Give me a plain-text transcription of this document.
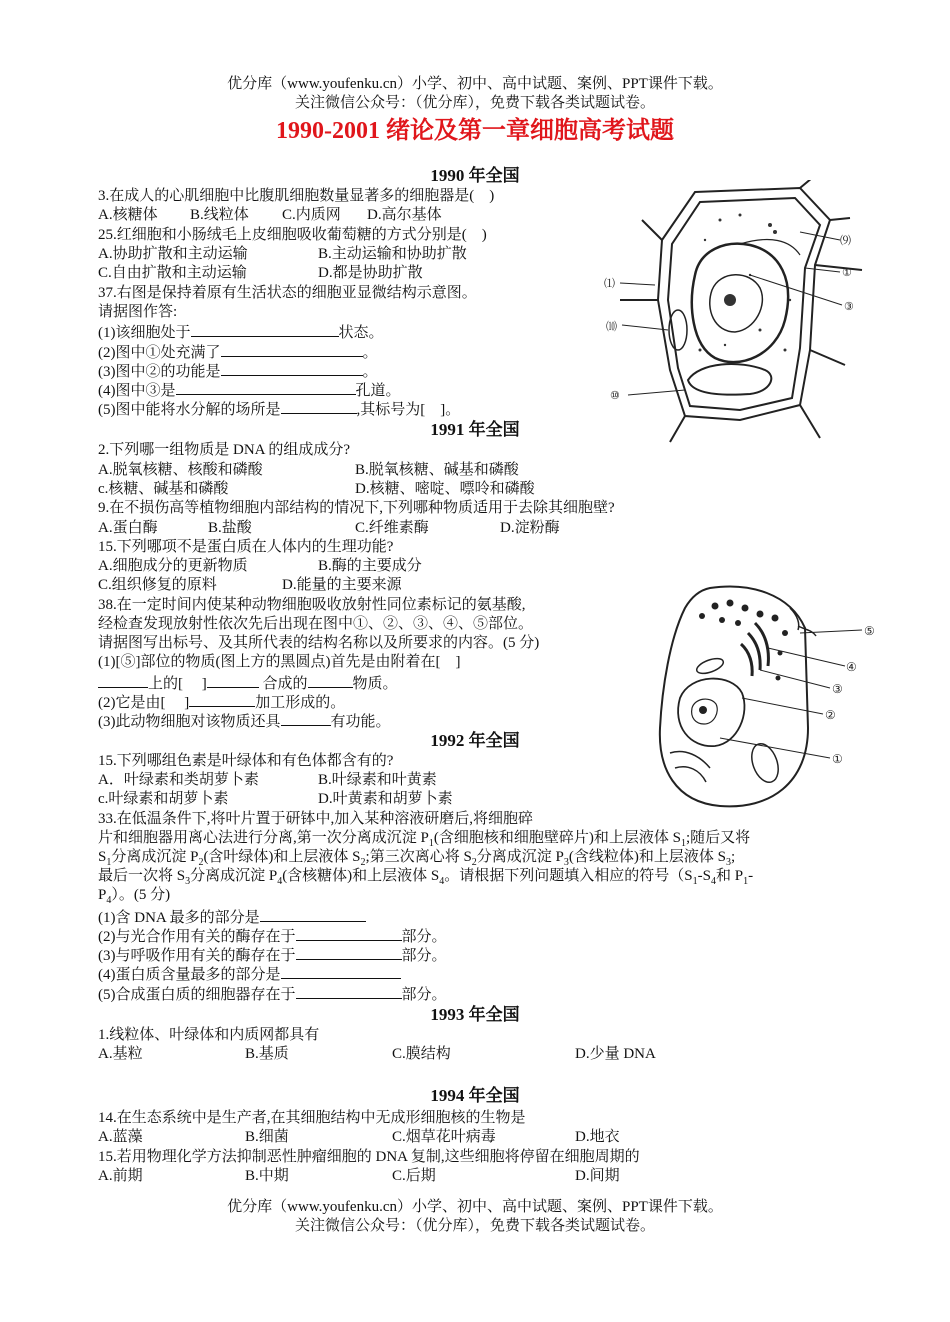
优分库（www.youfenku.cn）小学、初中、高中试题、案例、PPT课件下载。
关注微信公众号：（优分库），免费下载各类试题试卷。
1990-2001 绪论及第一章细胞高考试题
1990 年全国
3.在成人的心肌细胞中比腹肌细胞数量显著多的细胞器是(　)
A.核糖体 B.线粒体 C.内质网 D.高尔基体
25.红细胞和小肠绒毛上皮细胞吸收葡萄糖的方式分别是(　)
A.协助扩散和主动运输	B.主动运输和协助扩散
C.自由扩散和主动运输	D.都是协助扩散
37.右图是保持着原有生活状态的细胞亚显微结构示意图。
请据图作答:
(1)该细胞处于	状态。
(2)图中①处充满了	。
(3)图中②的功能是	。
(4)图中③是	孔道。
(5)图中能将水分解的场所是	,其标号为[　]。
⑼
①
③
⑴
⑽
⑩
1991 年全国
2.下列哪一组物质是 DNA 的组成成分?
A.脱氧核糖、核酸和磷酸	B.脱氧核糖、碱基和磷酸
c.核糖、碱基和磷酸	D.核糖、嘧啶、嘌呤和磷酸
9.在不损伤高等植物细胞内部结构的情况下,下列哪种物质适用于去除其细胞壁?
A.蛋白酶	B.盐酸	C.纤维素酶	D.淀粉酶
15.下列哪项不是蛋白质在人体内的生理功能?
A.细胞成分的更新物质	B.酶的主要成分
C.组织修复的原料	D.能量的主要来源
38.在一定时间内使某种动物细胞吸收放射性同位素标记的氨基酸,
经检查发现放射性依次先后出现在图中①、②、③、④、⑤部位。
请据图写出标号、及其所代表的结构名称以及所要求的内容。(5 分)
(1)[⑤]部位的物质(图上方的黑圆点)首先是由附着在[　]
上的[　 ]	合成的	物质。
(2)它是由[　 ]	加工形成的。
(3)此动物细胞对该物质还具	有功能。
⑤
④
③
②
①
1992 年全国
15.下列哪组色素是叶绿体和有色体都含有的?
A．叶绿素和类胡萝卜素	B.叶绿素和叶黄素
c.叶绿素和胡萝卜素	D.叶黄素和胡萝卜素
33.在低温条件下,将叶片置于研钵中,加入某种溶液研磨后,将细胞碎
片和细胞器用离心法进行分离,第一次分离成沉淀 $P_1$(含细胞核和细胞壁碎片)和上层液体 $S_1$;随后又将
$S_1$分离成沉淀 $P_2$(含叶绿体)和上层液体 $S_2$;第三次离心将 $S_2$分离成沉淀 $P_3$(含线粒体)和上层液体 $S_3$;
最后一次将 $S_3$分离成沉淀 $P_4$(含核糖体)和上层液体 $S_4$。请根据下列问题填入相应的符号（$S_1-S_4$和 $P_1-$
$P_4$）。(5 分)
(1)含 DNA 最多的部分是
(2)与光合作用有关的酶存在于	部分。
(3)与呼吸作用有关的酶存在于	部分。
(4)蛋白质含量最多的部分是
(5)合成蛋白质的细胞器存在于	部分。
1993 年全国
1.线粒体、叶绿体和内质网都具有
A.基粒	B.基质	C.膜结构	D.少量 DNA
1994 年全国
14.在生态系统中是生产者,在其细胞结构中无成形细胞核的生物是
A.蓝藻	B.细菌	C.烟草花叶病毒	D.地衣
15.若用物理化学方法抑制恶性肿瘤细胞的 DNA 复制,这些细胞将停留在细胞周期的
A.前期	B.中期	C.后期	D.间期
优分库（www.youfenku.cn）小学、初中、高中试题、案例、PPT课件下载。
关注微信公众号：（优分库），免费下载各类试题试卷。
